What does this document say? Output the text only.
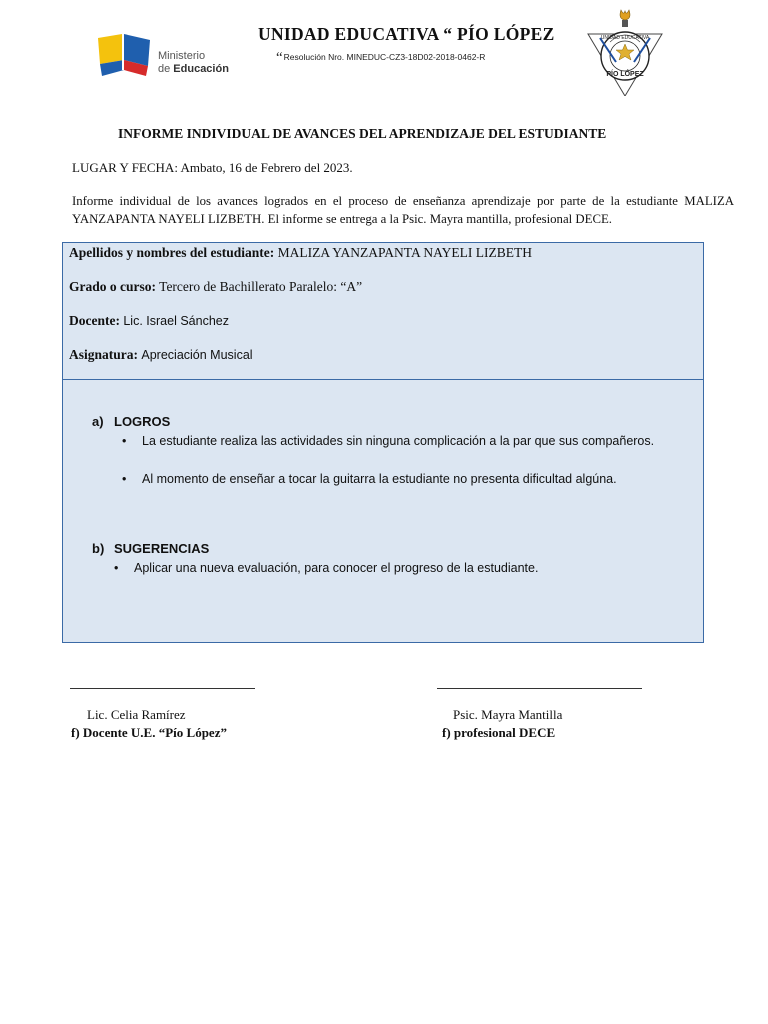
Ministerio
de Educación
UNIDAD EDUCATIVA “ PÍO LÓPEZ
“Resolución Nro. MINEDUC-CZ3-18D02-2018-0462-R
UNIDAD EDUCATIVA
PÍO LÓPEZ
INFORME INDIVIDUAL DE AVANCES DEL APRENDIZAJE DEL ESTUDIANTE
LUGAR Y FECHA: Ambato, 16 de Febrero del 2023.
Informe individual de los avances logrados en el proceso de enseñanza aprendizaje por parte de la estudiante MALIZA YANZAPANTA NAYELI LIZBETH. El informe se entrega a la Psic. Mayra mantilla, profesional DECE.
Apellidos y nombres del estudiante: MALIZA YANZAPANTA NAYELI LIZBETH
Grado o curso: Tercero de Bachillerato Paralelo: “A”
Docente: Lic. Israel Sánchez
Asignatura: Apreciación Musical
a) LOGROS
• La estudiante realiza las actividades sin ninguna complicación a la par que sus compañeros.
• Al momento de enseñar a tocar la guitarra la estudiante no presenta dificultad algúna.
b) SUGERENCIAS
• Aplicar una nueva evaluación, para conocer el progreso de la estudiante.
Lic. Celia Ramírez	Psic. Mayra Mantilla
f) Docente U.E. “Pío López”	f) profesional DECE
